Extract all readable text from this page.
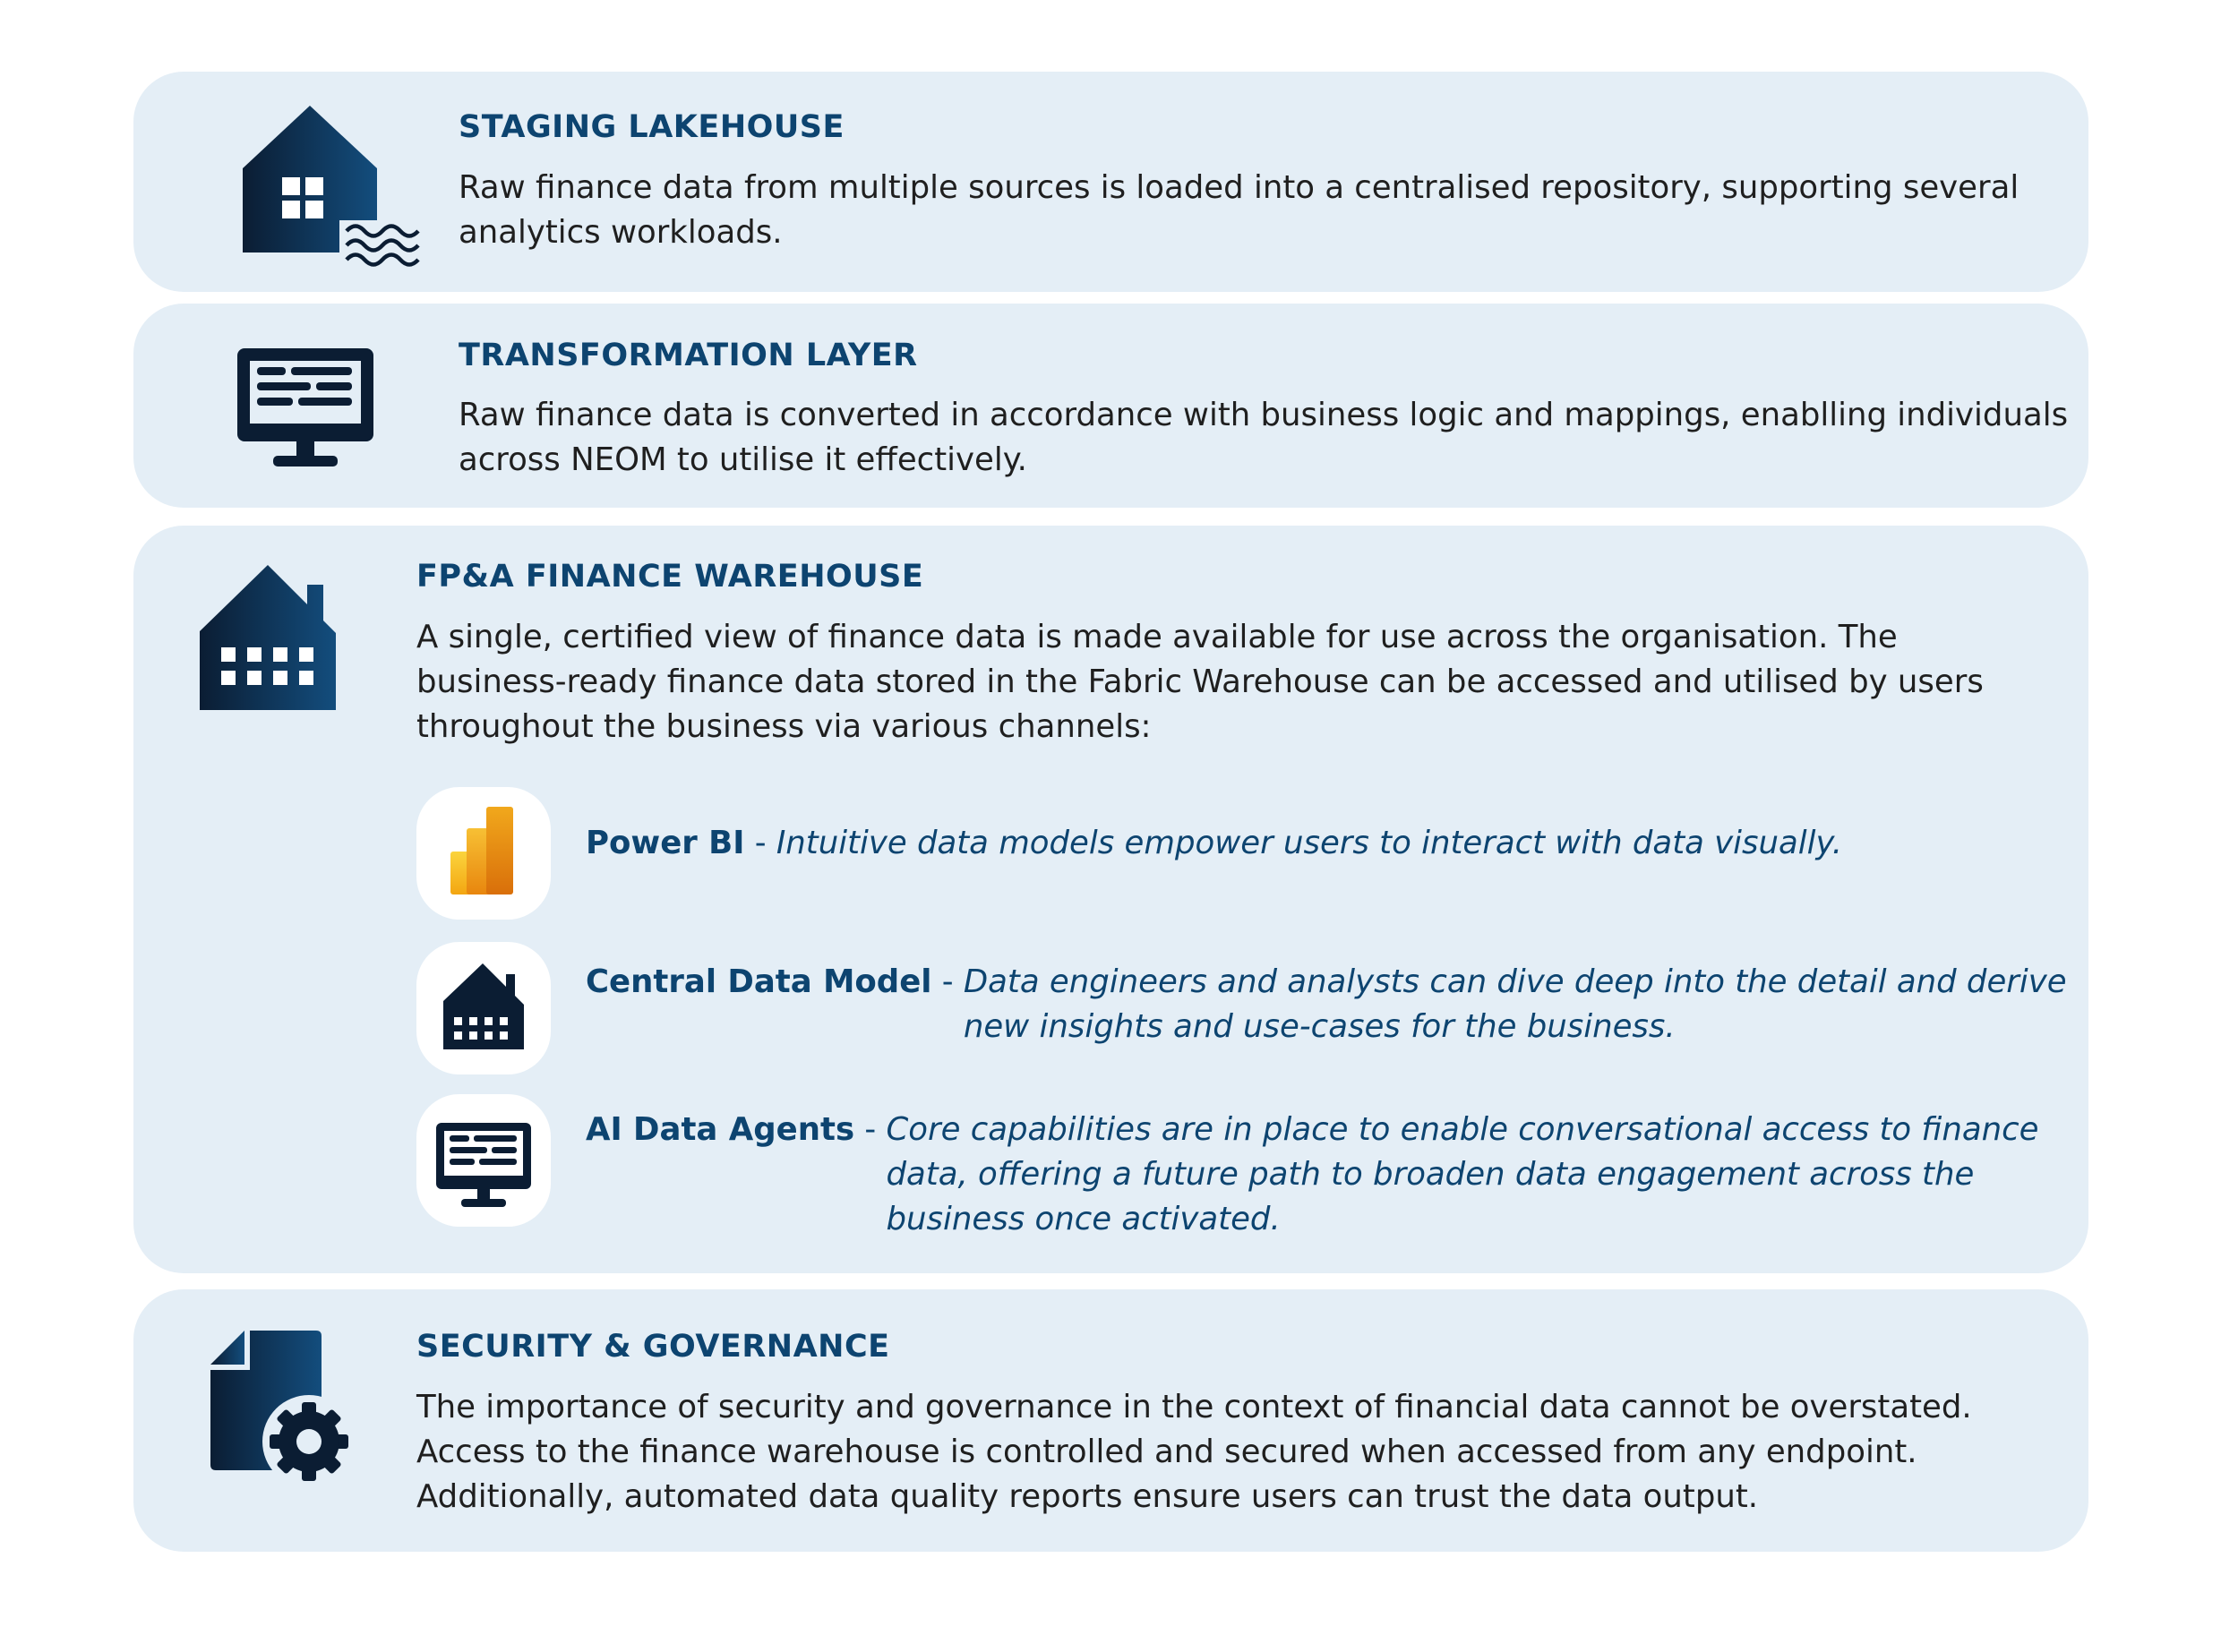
STAGING LAKEHOUSE

Raw finance data from multiple sources is loaded into a centralised repository, supporting several analytics workloads.

TRANSFORMATION LAYER

Raw finance data is converted in accordance with business logic and mappings, enablling individuals across NEOM to utilise it effectively.

FP&A FINANCE WAREHOUSE

A single, certified view of finance data is made available for use across the organisation. The business-ready finance data stored in the Fabric Warehouse can be accessed and utilised by users throughout the business via various channels:

Power BI - Intuitive data models empower users to interact with data visually.
Central Data Model - Data engineers and analysts can dive deep into the detail and derive new insights and use-cases for the business.
AI Data Agents - Core capabilities are in place to enable conversational access to finance data, offering a future path to broaden data engagement across the business once activated.
SECURITY & GOVERNANCE

The importance of security and governance in the context of financial data cannot be overstated. Access to the finance warehouse is controlled and secured when accessed from any endpoint. Additionally, automated data quality reports ensure users can trust the data output.
